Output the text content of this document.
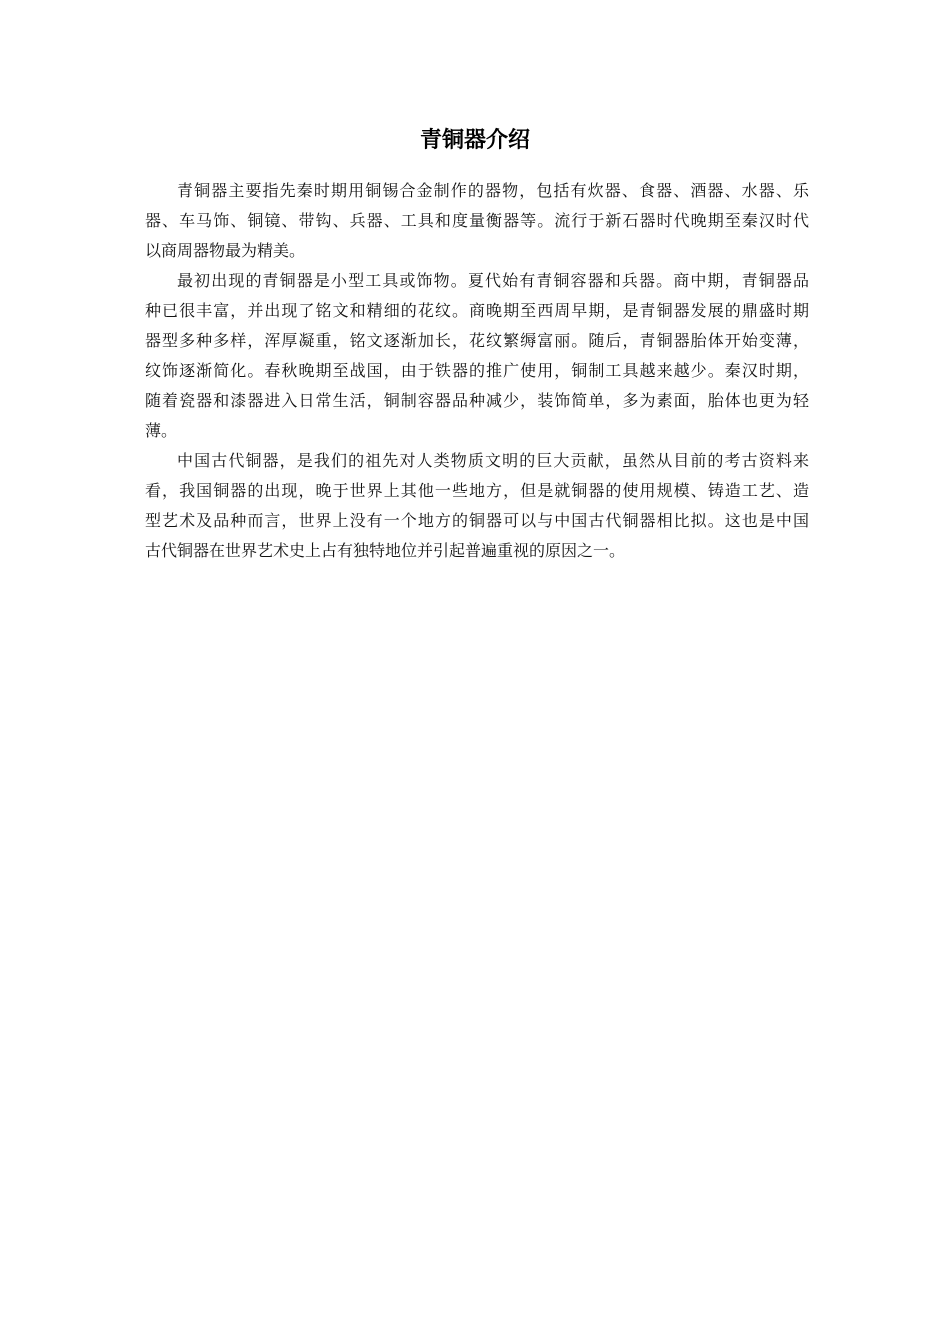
青铜器介绍

青铜器主要指先秦时期用铜锡合金制作的器物，包括有炊器、食器、酒器、水器、乐
器、车马饰、铜镜、带钩、兵器、工具和度量衡器等。流行于新石器时代晚期至秦汉时代
以商周器物最为精美。

最初出现的青铜器是小型工具或饰物。夏代始有青铜容器和兵器。商中期，青铜器品
种已很丰富，并出现了铭文和精细的花纹。商晚期至西周早期，是青铜器发展的鼎盛时期
器型多种多样，浑厚凝重，铭文逐渐加长，花纹繁缛富丽。随后，青铜器胎体开始变薄，
纹饰逐渐简化。春秋晚期至战国，由于铁器的推广使用，铜制工具越来越少。秦汉时期，
随着瓷器和漆器进入日常生活，铜制容器品种减少，装饰简单，多为素面，胎体也更为轻
薄。

中国古代铜器，是我们的祖先对人类物质文明的巨大贡献，虽然从目前的考古资料来
看，我国铜器的出现，晚于世界上其他一些地方，但是就铜器的使用规模、铸造工艺、造
型艺术及品种而言，世界上没有一个地方的铜器可以与中国古代铜器相比拟。这也是中国
古代铜器在世界艺术史上占有独特地位并引起普遍重视的原因之一。
